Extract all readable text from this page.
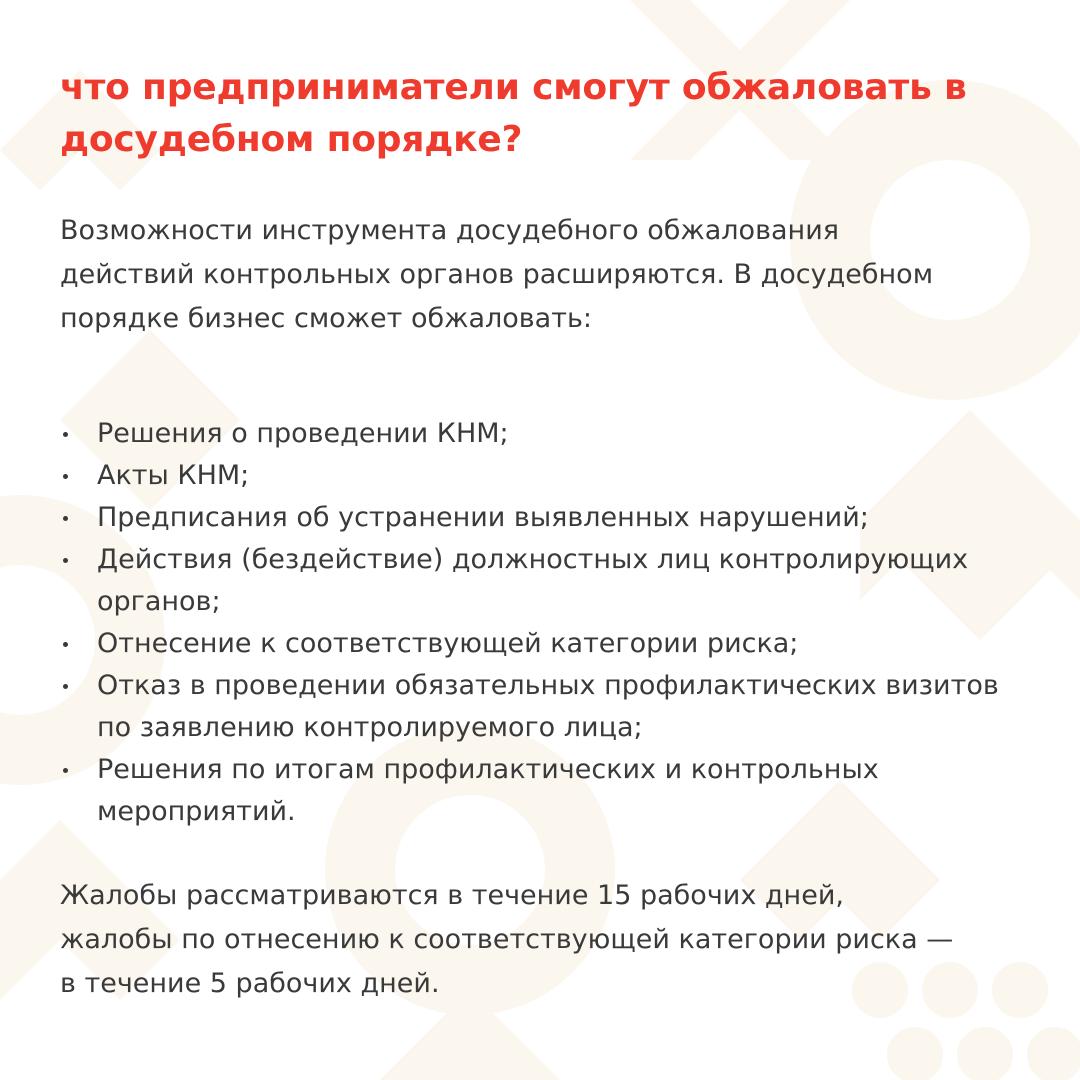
что предприниматели смогут обжаловать в досудебном порядке?

Возможности инструмента досудебного обжалования действий контрольных органов расширяются. В досудебном порядке бизнес сможет обжаловать:

Решения о проведении КНМ;
Акты КНМ;
Предписания об устранении выявленных нарушений;
Действия (бездействие) должностных лиц контролирующих органов;
Отнесение к соответствующей категории риска;
Отказ в проведении обязательных профилактических визитов по заявлению контролируемого лица;
Решения по итогам профилактических и контрольных мероприятий.

Жалобы рассматриваются в течение 15 рабочих дней, жалобы по отнесению к соответствующей категории риска — в течение 5 рабочих дней.
